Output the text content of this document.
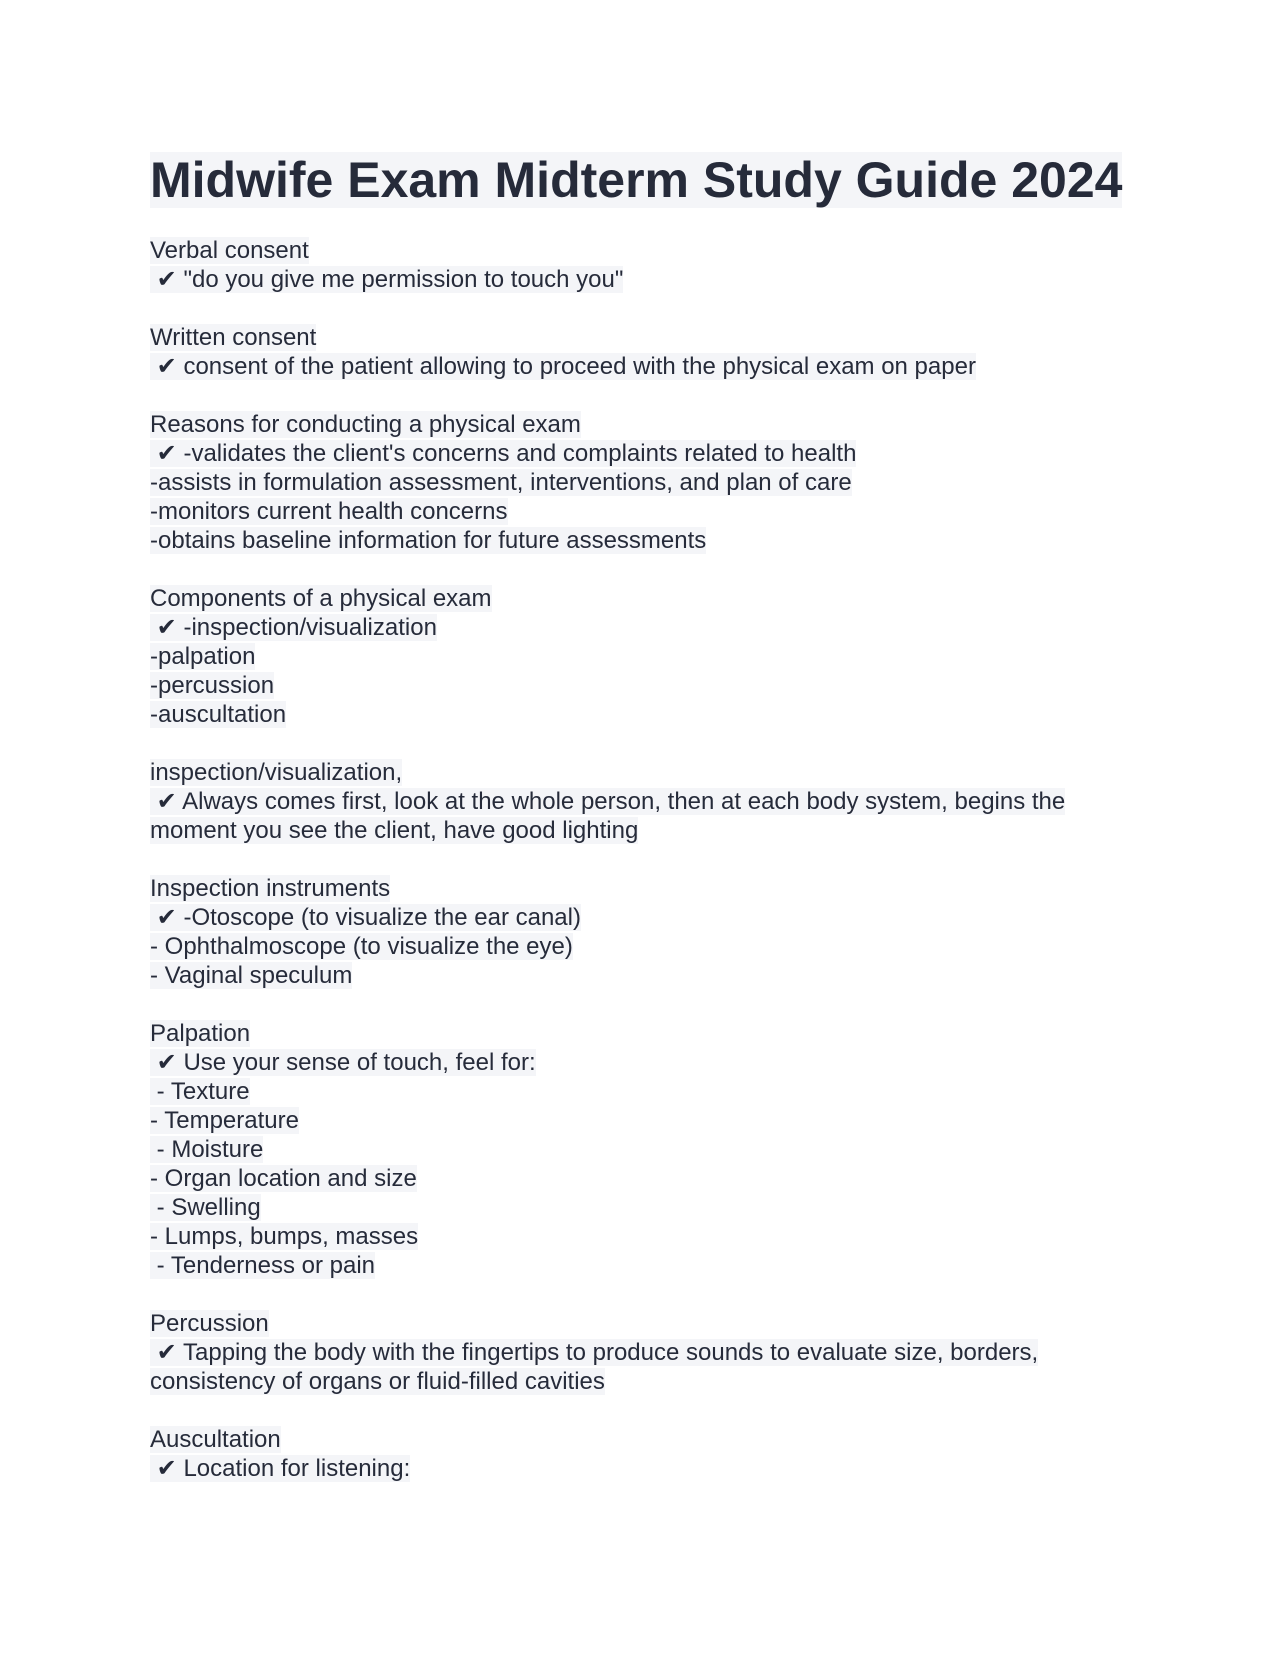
Midwife Exam Midterm Study Guide 2024
Verbal consent
✔ "do you give me permission to touch you"
Written consent
✔ consent of the patient allowing to proceed with the physical exam on paper
Reasons for conducting a physical exam
✔ -validates the client's concerns and complaints related to health
-assists in formulation assessment, interventions, and plan of care
-monitors current health concerns
-obtains baseline information for future assessments
Components of a physical exam
✔ -inspection/visualization
-palpation
-percussion
-auscultation
inspection/visualization,
✔ Always comes first, look at the whole person, then at each body system, begins the
moment you see the client, have good lighting
Inspection instruments
✔ -Otoscope (to visualize the ear canal)
- Ophthalmoscope (to visualize the eye)
- Vaginal speculum
Palpation
✔ Use your sense of touch, feel for:
- Texture
- Temperature
- Moisture
- Organ location and size
- Swelling
- Lumps, bumps, masses
- Tenderness or pain
Percussion
✔ Tapping the body with the fingertips to produce sounds to evaluate size, borders,
consistency of organs or fluid-filled cavities
Auscultation
✔ Location for listening:
